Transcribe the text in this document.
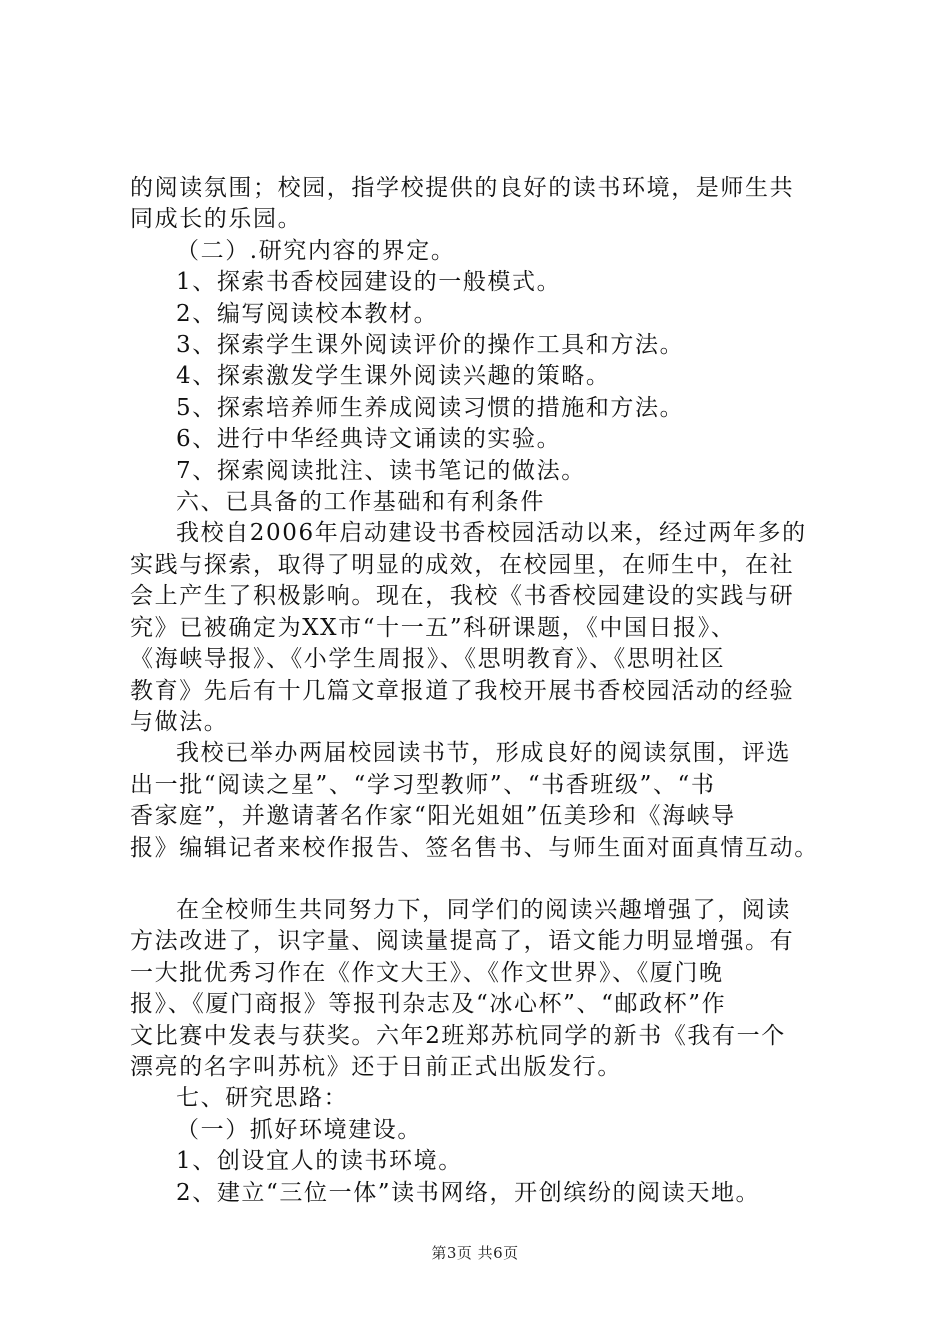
的阅读氛围；校园，指学校提供的良好的读书环境，是师生共

同成长的乐园。

（二）.研究内容的界定。

1、探索书香校园建设的一般模式。

2、编写阅读校本教材。

3、探索学生课外阅读评价的操作工具和方法。

4、探索激发学生课外阅读兴趣的策略。

5、探索培养师生养成阅读习惯的措施和方法。

6、进行中华经典诗文诵读的实验。

7、探索阅读批注、读书笔记的做法。

六、已具备的工作基础和有利条件

我校自2006年启动建设书香校园活动以来，经过两年多的

实践与探索，取得了明显的成效，在校园里，在师生中，在社

会上产生了积极影响。现在，我校《书香校园建设的实践与研

究》已被确定为XX市“十一五”科研课题，《中国日报》、

《海峡导报》、《小学生周报》、《思明教育》、《思明社区

教育》先后有十几篇文章报道了我校开展书香校园活动的经验

与做法。

我校已举办两届校园读书节，形成良好的阅读氛围，评选

出一批“阅读之星”、“学习型教师”、“书香班级”、“书

香家庭”，并邀请著名作家“阳光姐姐”伍美珍和《海峡导

报》编辑记者来校作报告、签名售书、与师生面对面真情互动。

在全校师生共同努力下，同学们的阅读兴趣增强了，阅读

方法改进了，识字量、阅读量提高了，语文能力明显增强。有

一大批优秀习作在《作文大王》、《作文世界》、《厦门晚

报》、《厦门商报》等报刊杂志及“冰心杯”、“邮政杯”作

文比赛中发表与获奖。六年2班郑苏杭同学的新书《我有一个

漂亮的名字叫苏杭》还于日前正式出版发行。

七、研究思路：

（一）抓好环境建设。

1、创设宜人的读书环境。

2、建立“三位一体”读书网络，开创缤纷的阅读天地。

第3页 共6页
